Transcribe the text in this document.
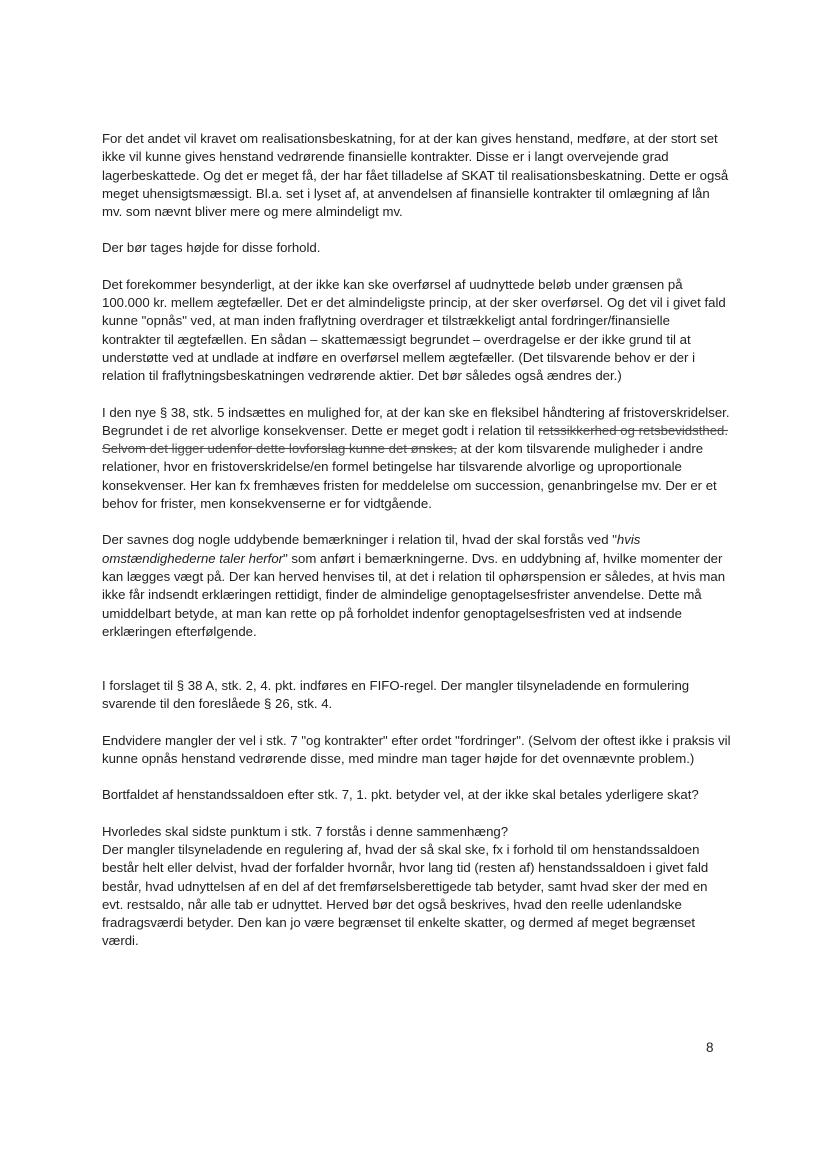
For det andet vil kravet om realisationsbeskatning, for at der kan gives henstand, medføre, at der stort set ikke vil kunne gives henstand vedrørende finansielle kontrakter. Disse er i langt overvejende grad lagerbeskattede. Og det er meget få, der har fået tilladelse af SKAT til realisationsbeskatning. Dette er også meget uhensigtsmæssigt. Bl.a. set i lyset af, at anvendelsen af finansielle kontrakter til omlægning af lån mv. som nævnt bliver mere og mere almindeligt mv.

Der bør tages højde for disse forhold.

Det forekommer besynderligt, at der ikke kan ske overførsel af uudnyttede beløb under grænsen på 100.000 kr. mellem ægtefæller. Det er det almindeligste princip, at der sker overførsel. Og det vil i givet fald kunne "opnås" ved, at man inden fraflytning overdrager et tilstrækkeligt antal fordringer/finansielle kontrakter til ægtefællen. En sådan – skattemæssigt begrundet – overdragelse er der ikke grund til at understøtte ved at undlade at indføre en overførsel mellem ægtefæller. (Det tilsvarende behov er der i relation til fraflytningsbeskatningen vedrørende aktier. Det bør således også ændres der.)

I den nye § 38, stk. 5 indsættes en mulighed for, at der kan ske en fleksibel håndtering af fristoverskridelser. Begrundet i de ret alvorlige konsekvenser. Dette er meget godt i relation til retssikkerhed og retsbevidsthed. Selvom det ligger udenfor dette lovforslag kunne det ønskes, at der kom tilsvarende muligheder i andre relationer, hvor en fristoverskridelse/en formel betingelse har tilsvarende alvorlige og uproportionale konsekvenser. Her kan fx fremhæves fristen for meddelelse om succession, genanbringelse mv. Der er et behov for frister, men konsekvenserne er for vidtgående.

Der savnes dog nogle uddybende bemærkninger i relation til, hvad der skal forstås ved "hvis omstændighederne taler herfor" som anført i bemærkningerne. Dvs. en uddybning af, hvilke momenter der kan lægges vægt på. Der kan herved henvises til, at det i relation til ophørspension er således, at hvis man ikke får indsendt erklæringen rettidigt, finder de almindelige genoptagelsesfrister anvendelse. Dette må umiddelbart betyde, at man kan rette op på forholdet indenfor genoptagelsesfristen ved at indsende erklæringen efterfølgende.

I forslaget til § 38 A, stk. 2, 4. pkt. indføres en FIFO-regel. Der mangler tilsyneladende en formulering svarende til den foreslåede § 26, stk. 4.

Endvidere mangler der vel i stk. 7 "og kontrakter" efter ordet "fordringer". (Selvom der oftest ikke i praksis vil kunne opnås henstand vedrørende disse, med mindre man tager højde for det ovennævnte problem.)

Bortfaldet af henstandssaldoen efter stk. 7, 1. pkt. betyder vel, at der ikke skal betales yderligere skat?

Hvorledes skal sidste punktum i stk. 7 forstås i denne sammenhæng?

Der mangler tilsyneladende en regulering af, hvad der så skal ske, fx i forhold til om henstandssaldoen består helt eller delvist, hvad der forfalder hvornår, hvor lang tid (resten af) henstandssaldoen i givet fald består, hvad udnyttelsen af en del af det fremførselsberettigede tab betyder, samt hvad sker der med en evt. restsaldo, når alle tab er udnyttet. Herved bør det også beskrives, hvad den reelle udenlandske fradragsværdi betyder. Den kan jo være begrænset til enkelte skatter, og dermed af meget begrænset værdi.

8
